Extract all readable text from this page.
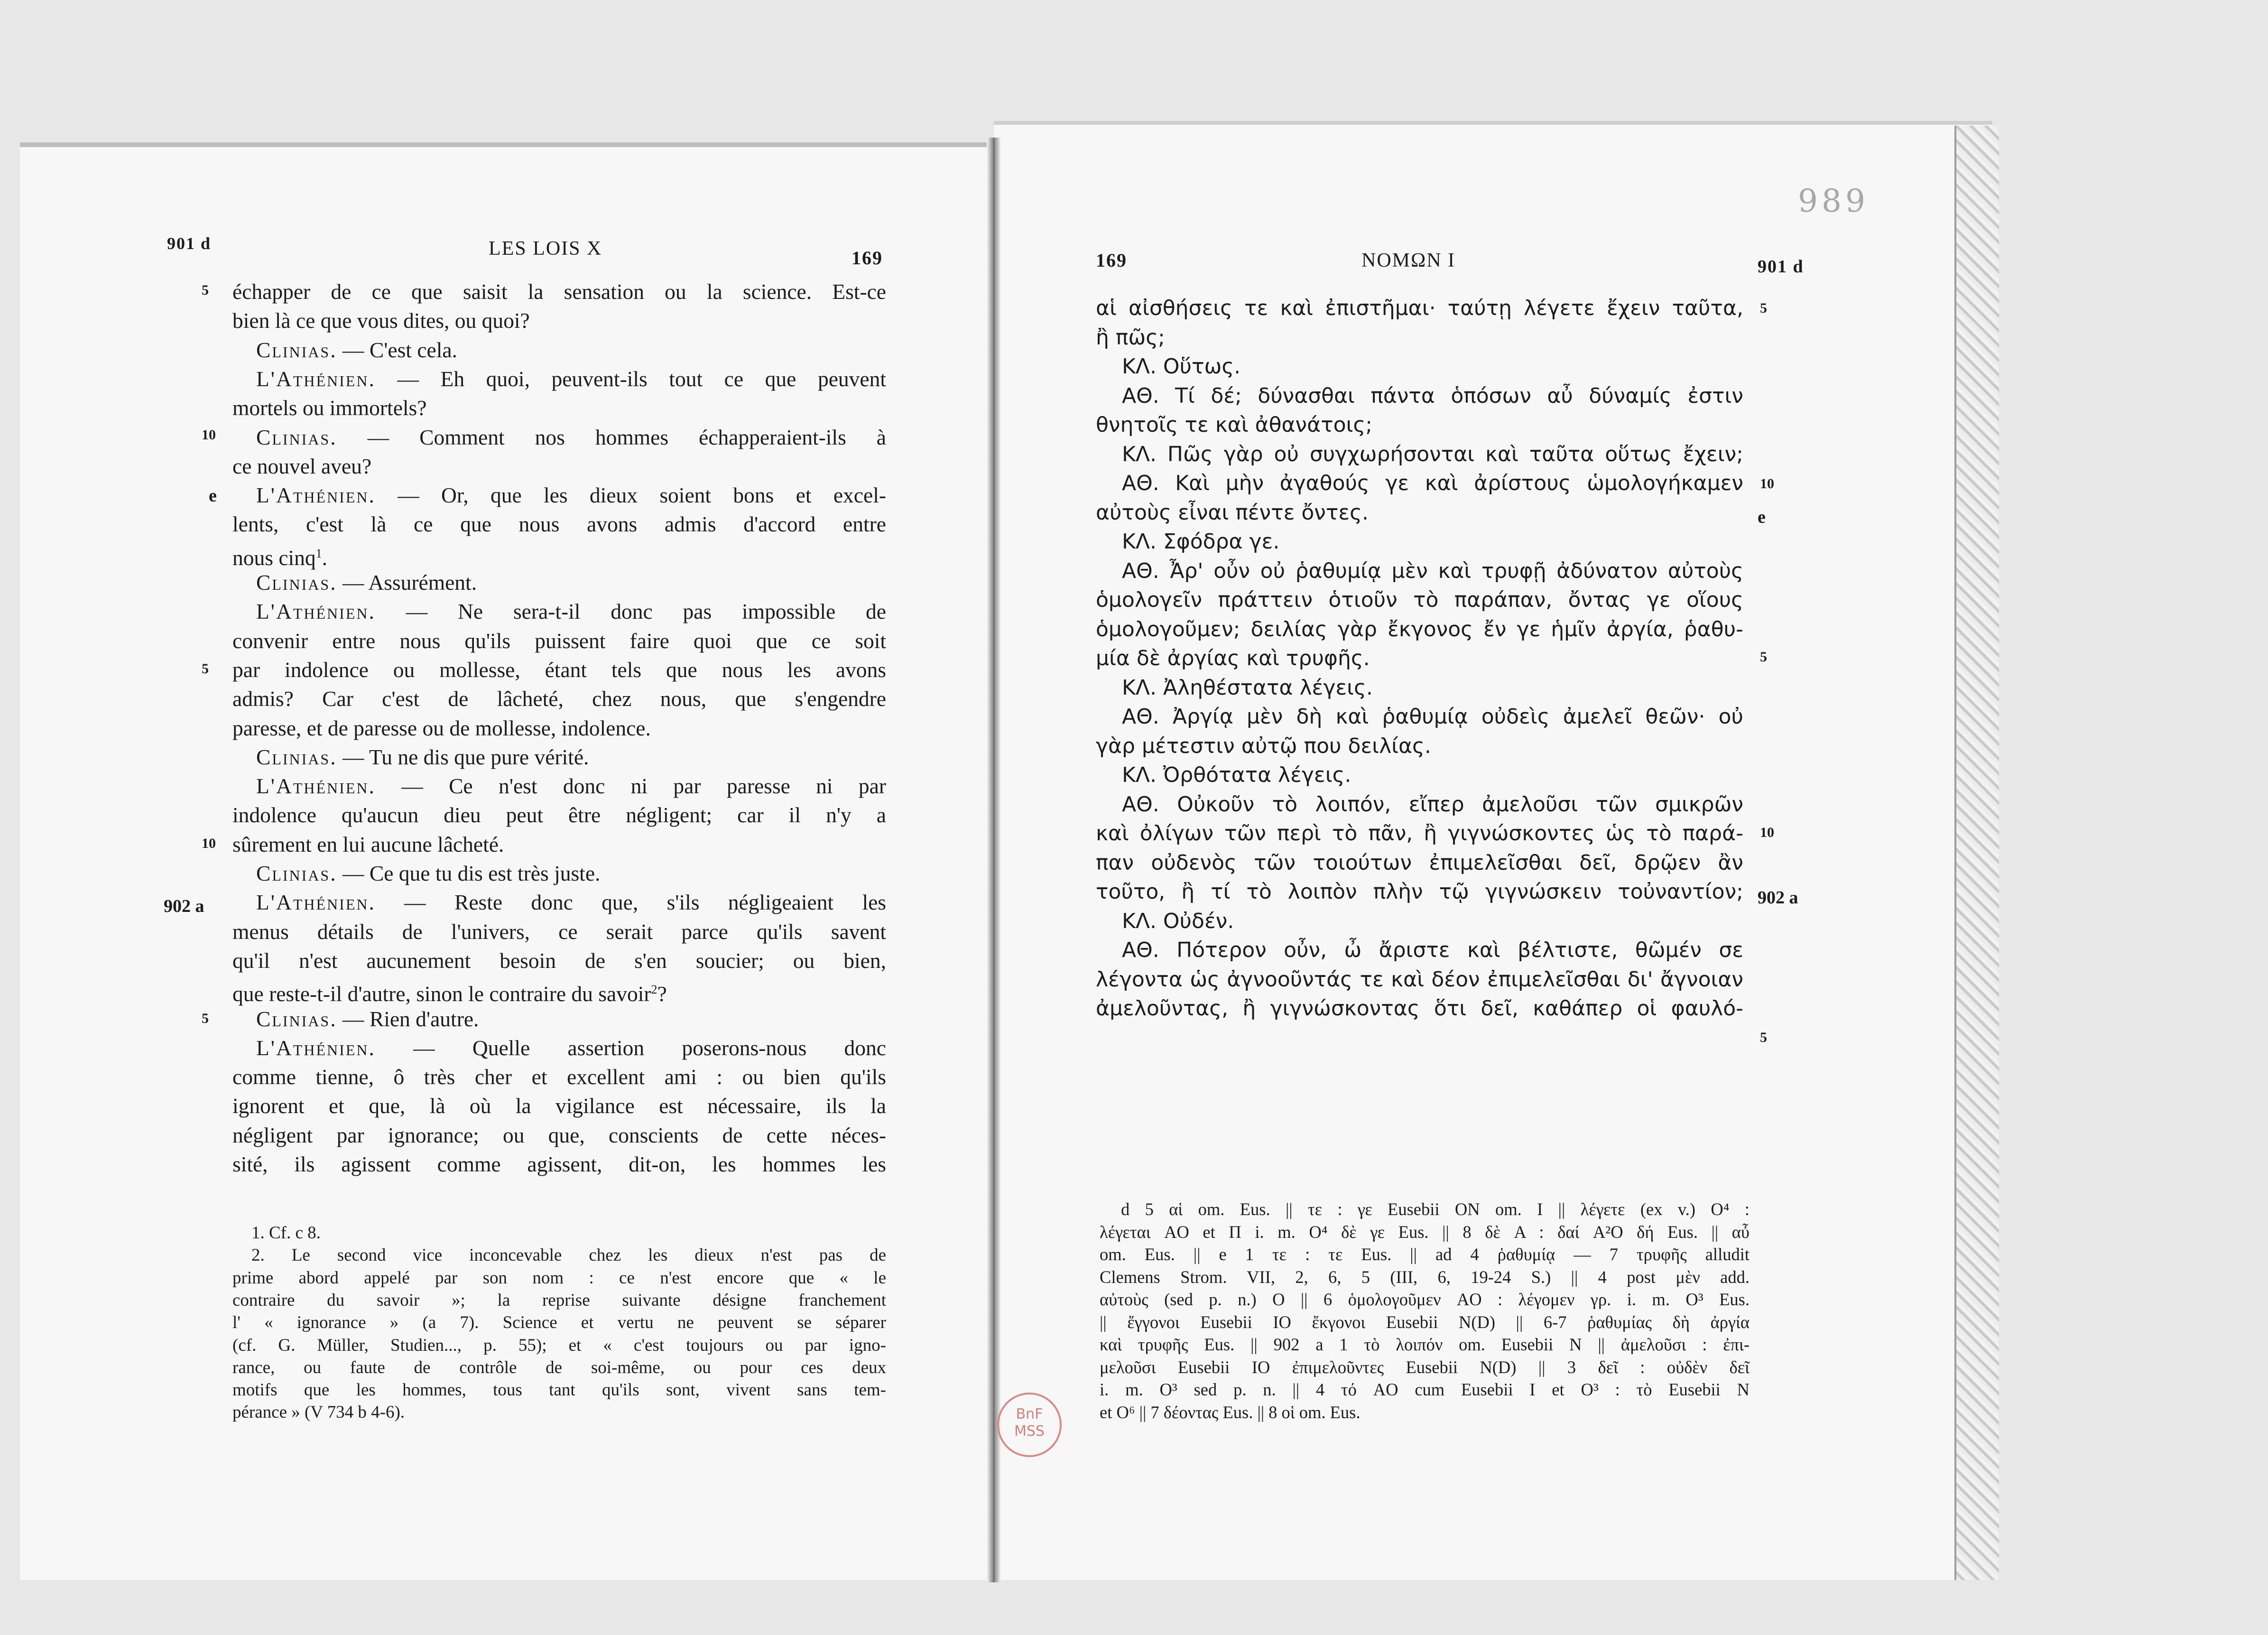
901 d	LES LOIS X	169
5
10
e
5
10
902 a
5
échapper de ce que saisit la sensation ou la science. Est-ce
bien là ce que vous dites, ou quoi?
Clinias. — C'est cela.
L'Athénien. — Eh quoi, peuvent-ils tout ce que peuvent
mortels ou immortels?
Clinias. — Comment nos hommes échapperaient-ils à
ce nouvel aveu?
L'Athénien. — Or, que les dieux soient bons et excel-
lents, c'est là ce que nous avons admis d'accord entre
nous cinq$^1$.
Clinias. — Assurément.
L'Athénien. — Ne sera-t-il donc pas impossible de
convenir entre nous qu'ils puissent faire quoi que ce soit
par indolence ou mollesse, étant tels que nous les avons
admis? Car c'est de lâcheté, chez nous, que s'engendre
paresse, et de paresse ou de mollesse, indolence.
Clinias. — Tu ne dis que pure vérité.
L'Athénien. — Ce n'est donc ni par paresse ni par
indolence qu'aucun dieu peut être négligent; car il n'y a
sûrement en lui aucune lâcheté.
Clinias. — Ce que tu dis est très juste.
L'Athénien. — Reste donc que, s'ils négligeaient les
menus détails de l'univers, ce serait parce qu'ils savent
qu'il n'est aucunement besoin de s'en soucier; ou bien,
que reste-t-il d'autre, sinon le contraire du savoir$^2$?
Clinias. — Rien d'autre.
L'Athénien. — Quelle assertion poserons-nous donc
comme tienne, ô très cher et excellent ami : ou bien qu'ils
ignorent et que, là où la vigilance est nécessaire, ils la
négligent par ignorance; ou que, conscients de cette néces-
sité, ils agissent comme agissent, dit-on, les hommes les
1. Cf. c 8.
2. Le second vice inconcevable chez les dieux n'est pas de
prime abord appelé par son nom : ce n'est encore que « le
contraire du savoir »; la reprise suivante désigne franchement
l' « ignorance » (a 7). Science et vertu ne peuvent se séparer
(cf. G. Müller, Studien..., p. 55); et « c'est toujours ou par igno-
rance, ou faute de contrôle de soi-même, ou pour ces deux
motifs que les hommes, tous tant qu'ils sont, vivent sans tem-
pérance » (V 734 b 4-6).
169	ΝΟΜΩΝ Ι	901 d
989
5
10
e
5
10
902 a
5
αἱ αἰσθήσεις τε καὶ ἐπιστῆμαι· ταύτῃ λέγετε ἔχειν ταῦτα,
ἢ πῶς;
ΚΛ. Οὕτως.
ΑΘ. Τί δέ; δύνασθαι πάντα ὁπόσων αὖ δύναμίς ἐστιν
θνητοῖς τε καὶ ἀθανάτοις;
ΚΛ. Πῶς γὰρ οὐ συγχωρήσονται καὶ ταῦτα οὕτως ἔχειν;
ΑΘ. Καὶ μὴν ἀγαθούς γε καὶ ἀρίστους ὡμολογήκαμεν
αὐτοὺς εἶναι πέντε ὄντες.
ΚΛ. Σφόδρα γε.
ΑΘ. Ἆρ' οὖν οὐ ῥαθυμίᾳ μὲν καὶ τρυφῇ ἀδύνατον αὐτοὺς
ὁμολογεῖν πράττειν ὁτιοῦν τὸ παράπαν, ὄντας γε οἵους
ὁμολογοῦμεν; δειλίας γὰρ ἔκγονος ἔν γε ἡμῖν ἀργία, ῥαθυ-
μία δὲ ἀργίας καὶ τρυφῆς.
ΚΛ. Ἀληθέστατα λέγεις.
ΑΘ. Ἀργίᾳ μὲν δὴ καὶ ῥαθυμίᾳ οὐδεὶς ἀμελεῖ θεῶν· οὐ
γὰρ μέτεστιν αὐτῷ που δειλίας.
ΚΛ. Ὀρθότατα λέγεις.
ΑΘ. Οὐκοῦν τὸ λοιπόν, εἴπερ ἀμελοῦσι τῶν σμικρῶν
καὶ ὀλίγων τῶν περὶ τὸ πᾶν, ἢ γιγνώσκοντες ὡς τὸ παρά-
παν οὐδενὸς τῶν τοιούτων ἐπιμελεῖσθαι δεῖ, δρῷεν ἂν
τοῦτο, ἢ τί τὸ λοιπὸν πλὴν τῷ γιγνώσκειν τοὐναντίον;
ΚΛ. Οὐδέν.
ΑΘ. Πότερον οὖν, ὦ ἄριστε καὶ βέλτιστε, θῶμέν σε
λέγοντα ὡς ἀγνοοῦντάς τε καὶ δέον ἐπιμελεῖσθαι δι' ἄγνοιαν
ἀμελοῦντας, ἢ γιγνώσκοντας ὅτι δεῖ, καθάπερ οἱ φαυλό-
d 5 αἱ om. Eus. || τε : γε Eusebii ON om. I || λέγετε (ex v.) O⁴ :
λέγεται AO et Π i. m. O⁴ δὲ γε Eus. || 8 δὲ A : δαί A²O δή Eus. || αὖ
om. Eus. || e 1 τε : τε Eus. || ad 4 ῥαθυμίᾳ — 7 τρυφῆς alludit
Clemens Strom. VII, 2, 6, 5 (III, 6, 19-24 S.) || 4 post μὲν add.
αὐτοὺς (sed p. n.) O || 6 ὁμολογοῦμεν AO : λέγομεν γρ. i. m. O³ Eus.
|| ἔγγονοι Eusebii IO ἔκγονοι Eusebii N(D) || 6-7 ῥαθυμίας δὴ ἀργία
καὶ τρυφῆς Eus. || 902 a 1 τὸ λοιπόν om. Eusebii N || ἀμελοῦσι : ἐπι-
μελοῦσι Eusebii IO ἐπιμελοῦντες Eusebii N(D) || 3 δεῖ : οὐδὲν δεῖ
i. m. O³ sed p. n. || 4 τό AO cum Eusebii I et O³ : τὸ Eusebii N
et O⁶ || 7 δέοντας Eus. || 8 οἱ om. Eus.
BnF
MSS
